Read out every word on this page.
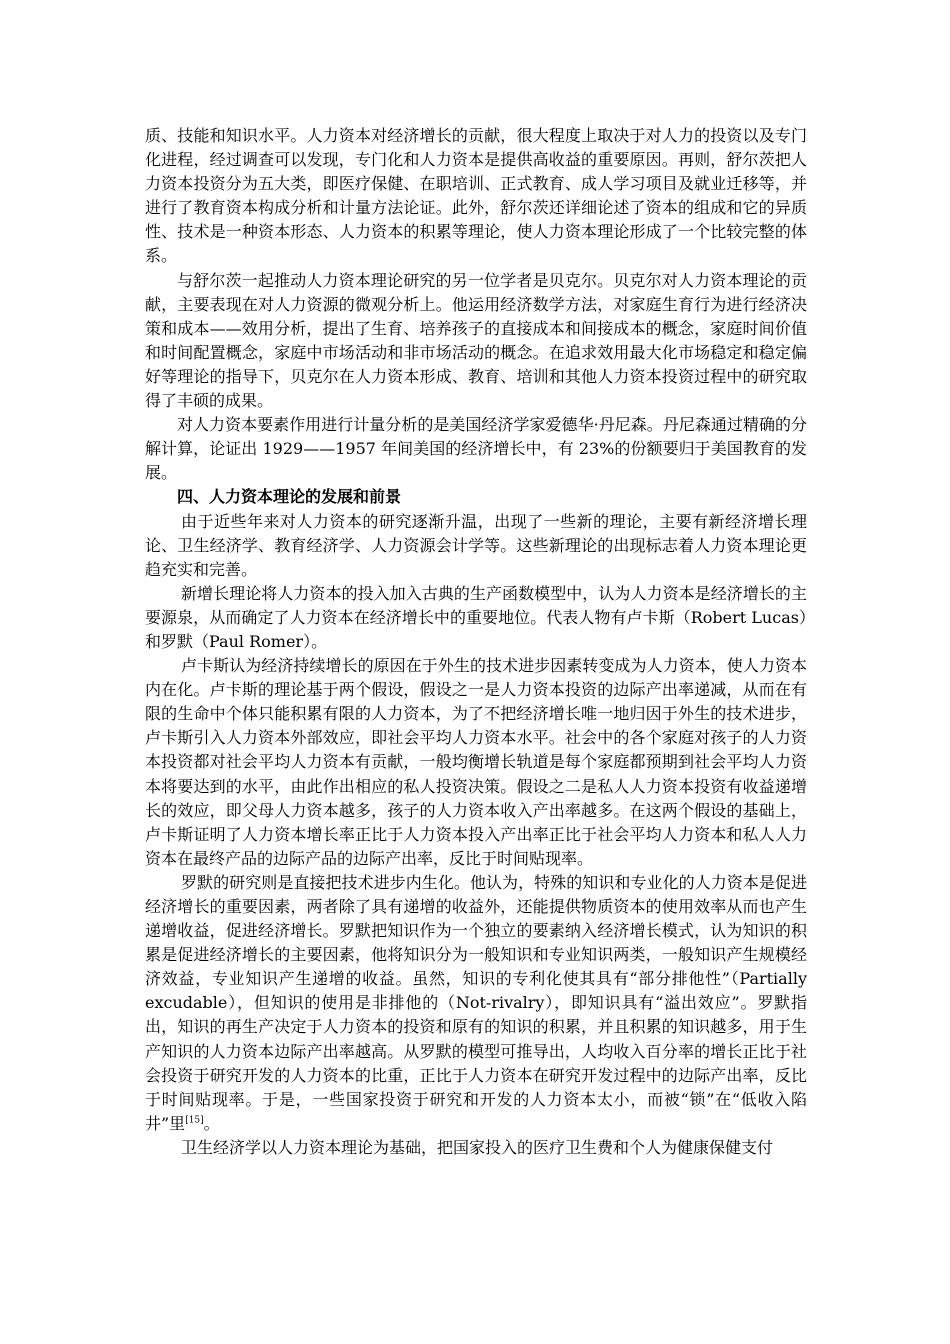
质、技能和知识水平。人力资本对经济增长的贡献，很大程度上取决于对人力的投资以及专门化进程，经过调查可以发现，专门化和人力资本是提供高收益的重要原因。再则，舒尔茨把人力资本投资分为五大类，即医疗保健、在职培训、正式教育、成人学习项目及就业迁移等，并进行了教育资本构成分析和计量方法论证。此外，舒尔茨还详细论述了资本的组成和它的异质性、技术是一种资本形态、人力资本的积累等理论，使人力资本理论形成了一个比较完整的体系。

与舒尔茨一起推动人力资本理论研究的另一位学者是贝克尔。贝克尔对人力资本理论的贡献，主要表现在对人力资源的微观分析上。他运用经济数学方法，对家庭生育行为进行经济决策和成本——效用分析，提出了生育、培养孩子的直接成本和间接成本的概念，家庭时间价值和时间配置概念，家庭中市场活动和非市场活动的概念。在追求效用最大化市场稳定和稳定偏好等理论的指导下，贝克尔在人力资本形成、教育、培训和其他人力资本投资过程中的研究取得了丰硕的成果。

对人力资本要素作用进行计量分析的是美国经济学家爱德华·丹尼森。丹尼森通过精确的分解计算，论证出 1929——1957 年间美国的经济增长中，有 23%的份额要归于美国教育的发展。

四、人力资本理论的发展和前景

由于近些年来对人力资本的研究逐渐升温，出现了一些新的理论，主要有新经济增长理论、卫生经济学、教育经济学、人力资源会计学等。这些新理论的出现标志着人力资本理论更趋充实和完善。

新增长理论将人力资本的投入加入古典的生产函数模型中，认为人力资本是经济增长的主要源泉，从而确定了人力资本在经济增长中的重要地位。代表人物有卢卡斯（Robert Lucas）和罗默（Paul Romer）。

卢卡斯认为经济持续增长的原因在于外生的技术进步因素转变成为人力资本，使人力资本内在化。卢卡斯的理论基于两个假设，假设之一是人力资本投资的边际产出率递减，从而在有限的生命中个体只能积累有限的人力资本，为了不把经济增长唯一地归因于外生的技术进步，卢卡斯引入人力资本外部效应，即社会平均人力资本水平。社会中的各个家庭对孩子的人力资本投资都对社会平均人力资本有贡献，一般均衡增长轨道是每个家庭都预期到社会平均人力资本将要达到的水平，由此作出相应的私人投资决策。假设之二是私人人力资本投资有收益递增长的效应，即父母人力资本越多，孩子的人力资本收入产出率越多。在这两个假设的基础上，卢卡斯证明了人力资本增长率正比于人力资本投入产出率正比于社会平均人力资本和私人人力资本在最终产品的边际产品的边际产出率，反比于时间贴现率。

罗默的研究则是直接把技术进步内生化。他认为，特殊的知识和专业化的人力资本是促进经济增长的重要因素，两者除了具有递增的收益外，还能提供物质资本的使用效率从而也产生递增收益，促进经济增长。罗默把知识作为一个独立的要素纳入经济增长模式，认为知识的积累是促进经济增长的主要因素，他将知识分为一般知识和专业知识两类，一般知识产生规模经济效益，专业知识产生递增的收益。虽然，知识的专利化使其具有“部分排他性”（Partially excudable），但知识的使用是非排他的（Not-rivalry），即知识具有“溢出效应”。罗默指出，知识的再生产决定于人力资本的投资和原有的知识的积累，并且积累的知识越多，用于生产知识的人力资本边际产出率越高。从罗默的模型可推导出，人均收入百分率的增长正比于社会投资于研究开发的人力资本的比重，正比于人力资本在研究开发过程中的边际产出率，反比于时间贴现率。于是，一些国家投资于研究和开发的人力资本太小，而被“锁”在“低收入陷井”里[15]。

卫生经济学以人力资本理论为基础，把国家投入的医疗卫生费和个人为健康保健支付
